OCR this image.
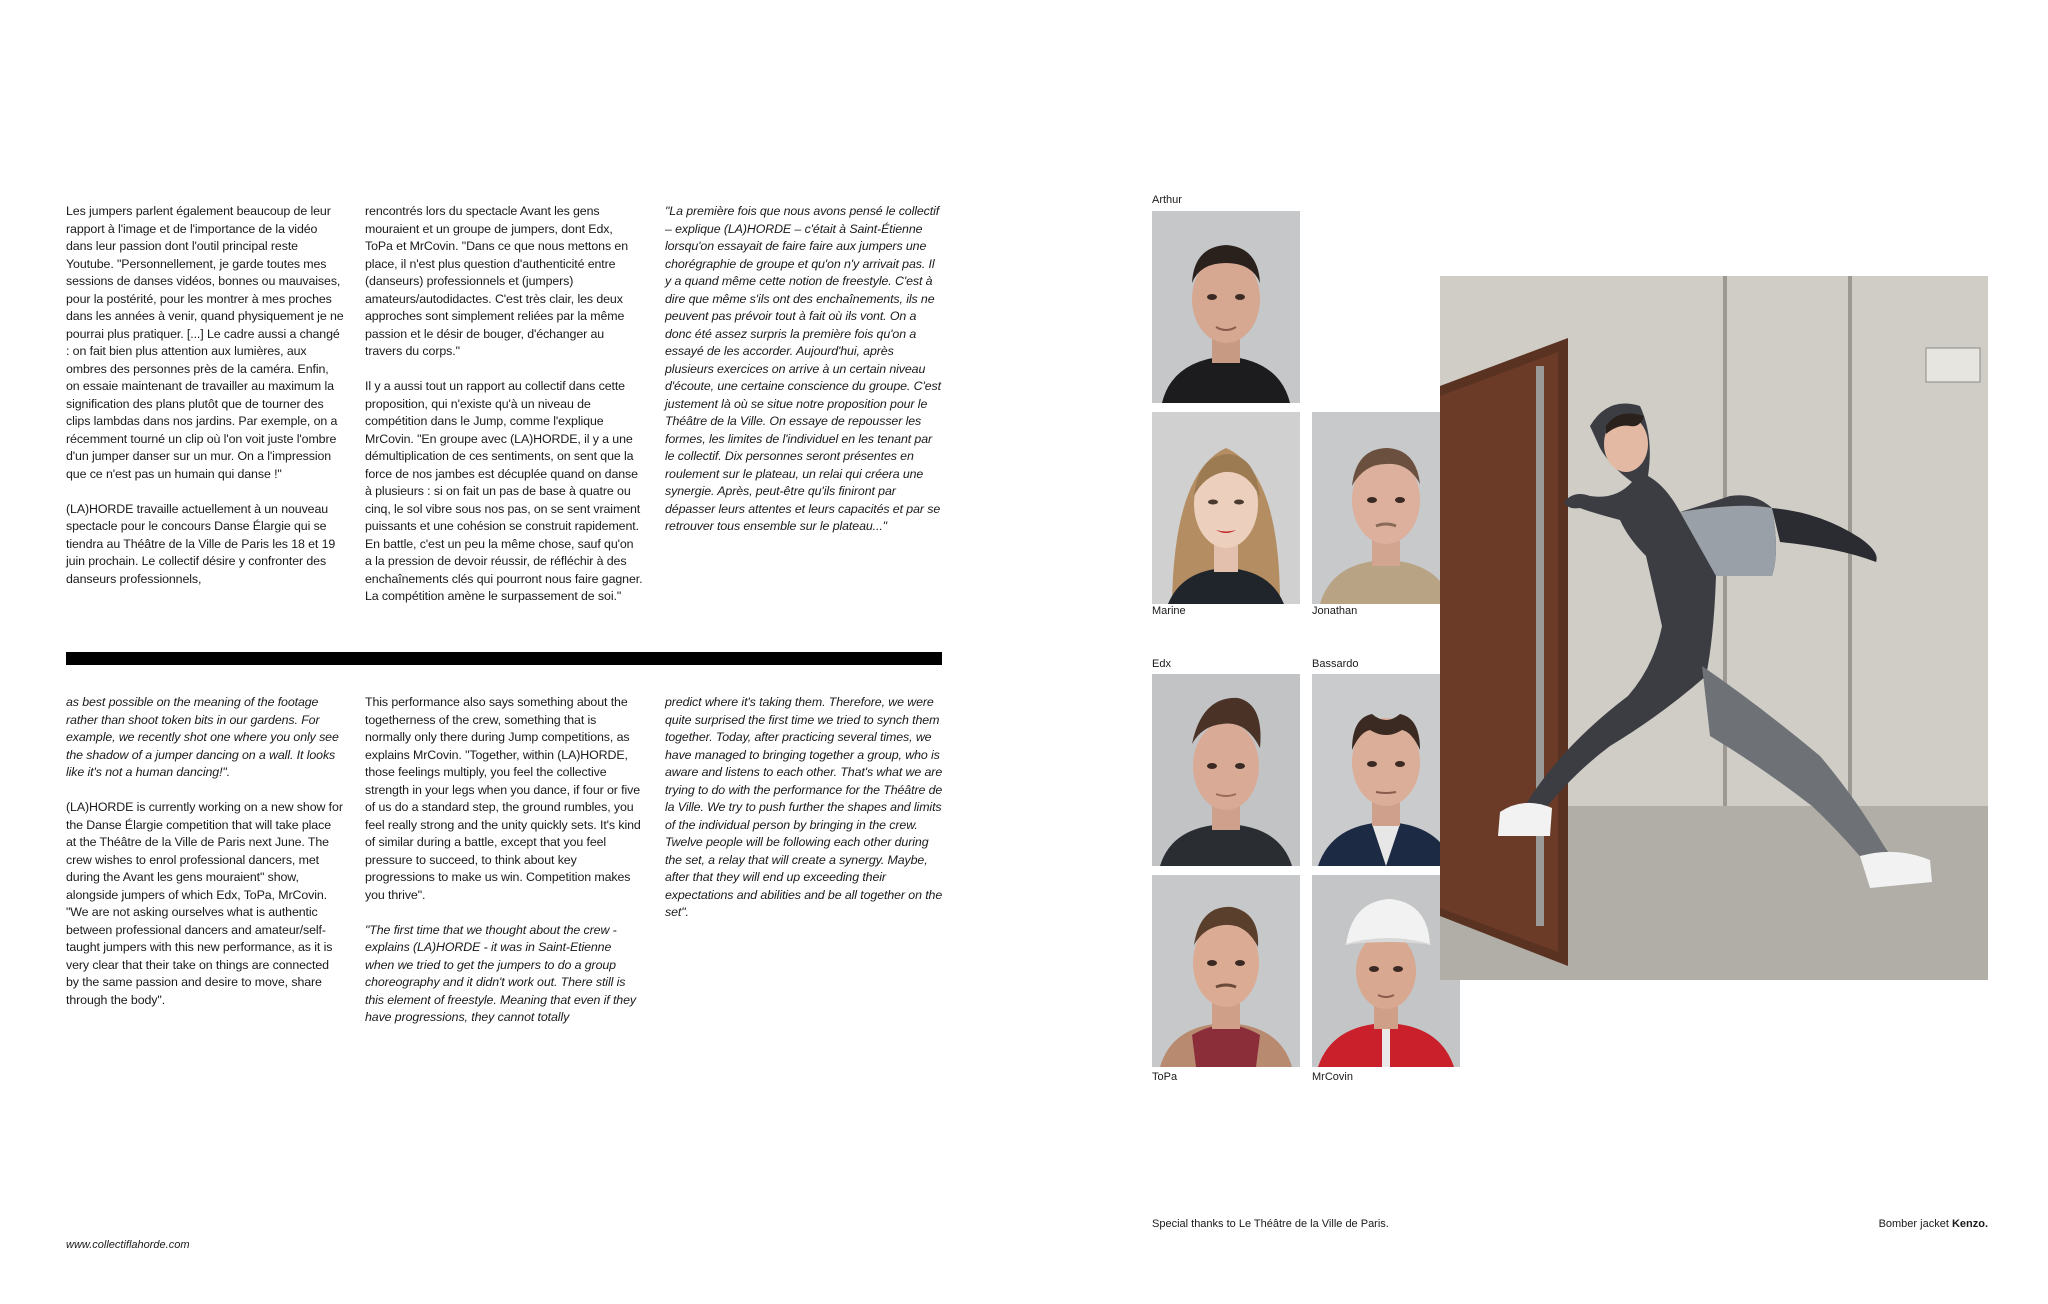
Les jumpers parlent également beaucoup de leur rapport à l'image et de l'importance de la vidéo dans leur passion dont l'outil principal reste Youtube. "Personnellement, je garde toutes mes sessions de danses vidéos, bonnes ou mauvaises, pour la postérité, pour les montrer à mes proches dans les années à venir, quand physiquement je ne pourrai plus pratiquer. [...] Le cadre aussi a changé : on fait bien plus attention aux lumières, aux ombres des personnes près de la caméra. Enfin, on essaie maintenant de travailler au maximum la signification des plans plutôt que de tourner des clips lambdas dans nos jardins. Par exemple, on a récemment tourné un clip où l'on voit juste l'ombre d'un jumper danser sur un mur. On a l'impression que ce n'est pas un humain qui danse !"

(LA)HORDE travaille actuellement à un nouveau spectacle pour le concours Danse Élargie qui se tiendra au Théâtre de la Ville de Paris les 18 et 19 juin prochain. Le collectif désire y confronter des danseurs professionnels,

rencontrés lors du spectacle Avant les gens mouraient et un groupe de jumpers, dont Edx, ToPa et MrCovin. "Dans ce que nous mettons en place, il n'est plus question d'authenticité entre (danseurs) professionnels et (jumpers) amateurs/autodidactes. C'est très clair, les deux approches sont simplement reliées par la même passion et le désir de bouger, d'échanger au travers du corps."

Il y a aussi tout un rapport au collectif dans cette proposition, qui n'existe qu'à un niveau de compétition dans le Jump, comme l'explique MrCovin. "En groupe avec (LA)HORDE, il y a une démultiplication de ces sentiments, on sent que la force de nos jambes est décuplée quand on danse à plusieurs : si on fait un pas de base à quatre ou cinq, le sol vibre sous nos pas, on se sent vraiment puissants et une cohésion se construit rapidement. En battle, c'est un peu la même chose, sauf qu'on a la pression de devoir réussir, de réfléchir à des enchaînements clés qui pourront nous faire gagner. La compétition amène le surpassement de soi."

"La première fois que nous avons pensé le collectif – explique (LA)HORDE – c'était à Saint-Étienne lorsqu'on essayait de faire faire aux jumpers une chorégraphie de groupe et qu'on n'y arrivait pas. Il y a quand même cette notion de freestyle. C'est à dire que même s'ils ont des enchaînements, ils ne peuvent pas prévoir tout à fait où ils vont. On a donc été assez surpris la première fois qu'on a essayé de les accorder. Aujourd'hui, après plusieurs exercices on arrive à un certain niveau d'écoute, une certaine conscience du groupe. C'est justement là où se situe notre proposition pour le Théâtre de la Ville. On essaye de repousser les formes, les limites de l'individuel en les tenant par le collectif. Dix personnes seront présentes en roulement sur le plateau, un relai qui créera une synergie. Après, peut-être qu'ils finiront par dépasser leurs attentes et leurs capacités et par se retrouver tous ensemble sur le plateau..."

as best possible on the meaning of the footage rather than shoot token bits in our gardens. For example, we recently shot one where you only see the shadow of a jumper dancing on a wall. It looks like it's not a human dancing!".

(LA)HORDE is currently working on a new show for the Danse Élargie competition that will take place at the Théâtre de la Ville de Paris next June. The crew wishes to enrol professional dancers, met during the Avant les gens mouraient" show, alongside jumpers of which Edx, ToPa, MrCovin. "We are not asking ourselves what is authentic between professional dancers and amateur/self-taught jumpers with this new performance, as it is very clear that their take on things are connected by the same passion and desire to move, share through the body".

This performance also says something about the togetherness of the crew, something that is normally only there during Jump competitions, as explains MrCovin. "Together, within (LA)HORDE, those feelings multiply, you feel the collective strength in your legs when you dance, if four or five of us do a standard step, the ground rumbles, you feel really strong and the unity quickly sets. It's kind of similar during a battle, except that you feel pressure to succeed, to think about key progressions to make us win. Competition makes you thrive".

"The first time that we thought about the crew - explains (LA)HORDE - it was in Saint-Etienne when we tried to get the jumpers to do a group choreography and it didn't work out. There still is this element of freestyle. Meaning that even if they have progressions, they cannot totally

predict where it's taking them. Therefore, we were quite surprised the first time we tried to synch them together. Today, after practicing several times, we have managed to bringing together a group, who is aware and listens to each other. That's what we are trying to do with the performance for the Théâtre de la Ville. We try to push further the shapes and limits of the individual person by bringing in the crew. Twelve people will be following each other during the set, a relay that will create a synergy. Maybe, after that they will end up exceeding their expectations and abilities and be all together on the set".

www.collectiflahorde.com
Arthur
Marine	Jonathan
Edx	Bassardo
ToPa	MrCovin
Special thanks to Le Théâtre de la Ville de Paris.	Bomber jacket Kenzo.
